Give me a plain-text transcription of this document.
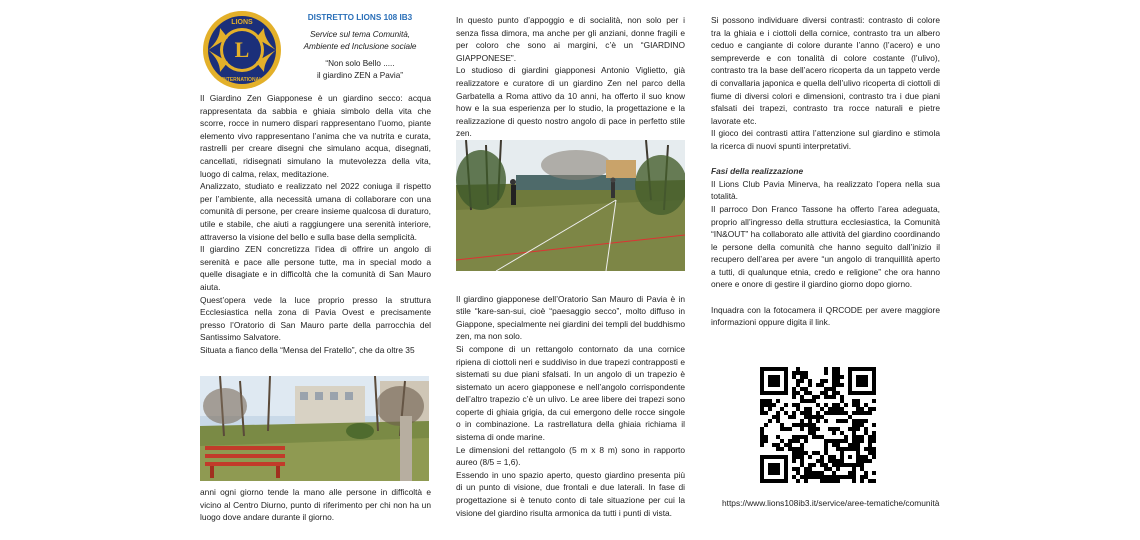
L
LIONS
INTERNATIONAL
DISTRETTO LIONS 108 IB3
Service sul tema Comunità,
Ambiente ed Inclusione sociale
“Non solo Bello .....
il giardino ZEN a Pavia”

Il Giardino Zen Giapponese è un giardino secco: acqua rappresentata da sabbia e ghiaia simbolo della vita che scorre, rocce in numero dispari rappresentano l’uomo, piante elemento vivo rappresentano l’anima che va nutrita e curata, rastrelli per creare disegni che simulano acqua, disegnati, cancellati, ridisegnati simulano la mutevolezza della vita, luogo di calma, relax, meditazione.

Analizzato, studiato e realizzato nel 2022 coniuga il rispetto per l’ambiente, alla necessità umana di collaborare con una comunità di persone, per creare insieme qualcosa di duraturo, utile e stabile, che aiuti a raggiungere una serenità interiore, attraverso la visione del bello e sulla base della semplicità.

Il giardino ZEN concretizza l’idea di offrire un angolo di serenità e pace alle persone tutte, ma in special modo a quelle disagiate e in difficoltà che la comunità di San Mauro aiuta.

Quest’opera vede la luce proprio presso la struttura Ecclesiastica nella zona di Pavia Ovest e precisamente presso l’Oratorio di San Mauro parte della parrocchia del Santissimo Salvatore.

Situata a fianco della “Mensa del Fratello”, che da oltre 35

anni ogni giorno tende la mano alle persone in difficoltà e vicino al Centro Diurno, punto di riferimento per chi non ha un luogo dove andare durante il giorno.

In questo punto d’appoggio e di socialità, non solo per i senza fissa dimora, ma anche per gli anziani, donne fragili e per coloro che sono ai margini, c’è un “GIARDINO GIAPPONESE”.

Lo studioso di giardini giapponesi Antonio Viglietto, già realizzatore e curatore di un giardino Zen nel parco della Garbatella a Roma attivo da 10 anni, ha offerto il suo know how e la sua esperienza per lo studio, la progettazione e la realizzazione di questo nostro angolo di pace in perfetto stile zen.

Il giardino giapponese dell’Oratorio San Mauro di Pavia è in stile “kare-san-sui, cioè “paesaggio secco”, molto diffuso in Giappone, specialmente nei giardini dei templi del buddhismo zen, ma non solo.

Si compone di un rettangolo contornato da una cornice ripiena di ciottoli neri e suddiviso in due trapezi contrapposti e sistemati su due piani sfalsati. In un angolo di un trapezio è sistemato un acero giapponese e nell’angolo corrispondente dell’altro trapezio c’è un ulivo. Le aree libere dei trapezi sono coperte di ghiaia grigia, da cui emergono delle rocce singole o in combinazione. La rastrellatura della ghiaia richiama il sistema di onde marine.

Le dimensioni del rettangolo (5 m x 8 m) sono in rapporto aureo (8/5 = 1,6).

Essendo in uno spazio aperto, questo giardino presenta più di un punto di visione, due frontali e due laterali. In fase di progettazione si è tenuto conto di tale situazione per cui la visione del giardino risulta armonica da tutti i punti di vista.

Si possono individuare diversi contrasti: contrasto di colore tra la ghiaia e i ciottoli della cornice, contrasto tra un albero ceduo e cangiante di colore durante l’anno (l’acero) e uno sempreverde e con tonalità di colore costante (l’ulivo), contrasto tra la base dell’acero ricoperta da un tappeto verde di convallaria japonica e quella dell’ulivo ricoperta di ciottoli di fiume di diversi colori e dimensioni, contrasto tra i due piani sfalsati dei trapezi, contrasto tra rocce naturali e pietre lavorate etc.

Il gioco dei contrasti attira l’attenzione sul giardino e stimola la ricerca di nuovi spunti interpretativi.

Fasi della realizzazione

Il Lions Club Pavia Minerva, ha realizzato l’opera nella sua totalità.

Il parroco Don Franco Tassone ha offerto l’area adeguata, proprio all’ingresso della struttura ecclesiastica, la Comunità “IN&OUT” ha collaborato alle attività del giardino coordinando le persone della comunità che hanno seguito dall’inizio il recupero dell’area per avere “un angolo di tranquillità aperto a tutti, di qualunque etnia, credo e religione” che ora hanno onere e onore di gestire il giardino giorno dopo giorno.

Inquadra con la fotocamera il QRCODE per avere maggiore informazioni oppure digita il link.

https://www.lions108ib3.it/service/aree-tematiche/comunità
